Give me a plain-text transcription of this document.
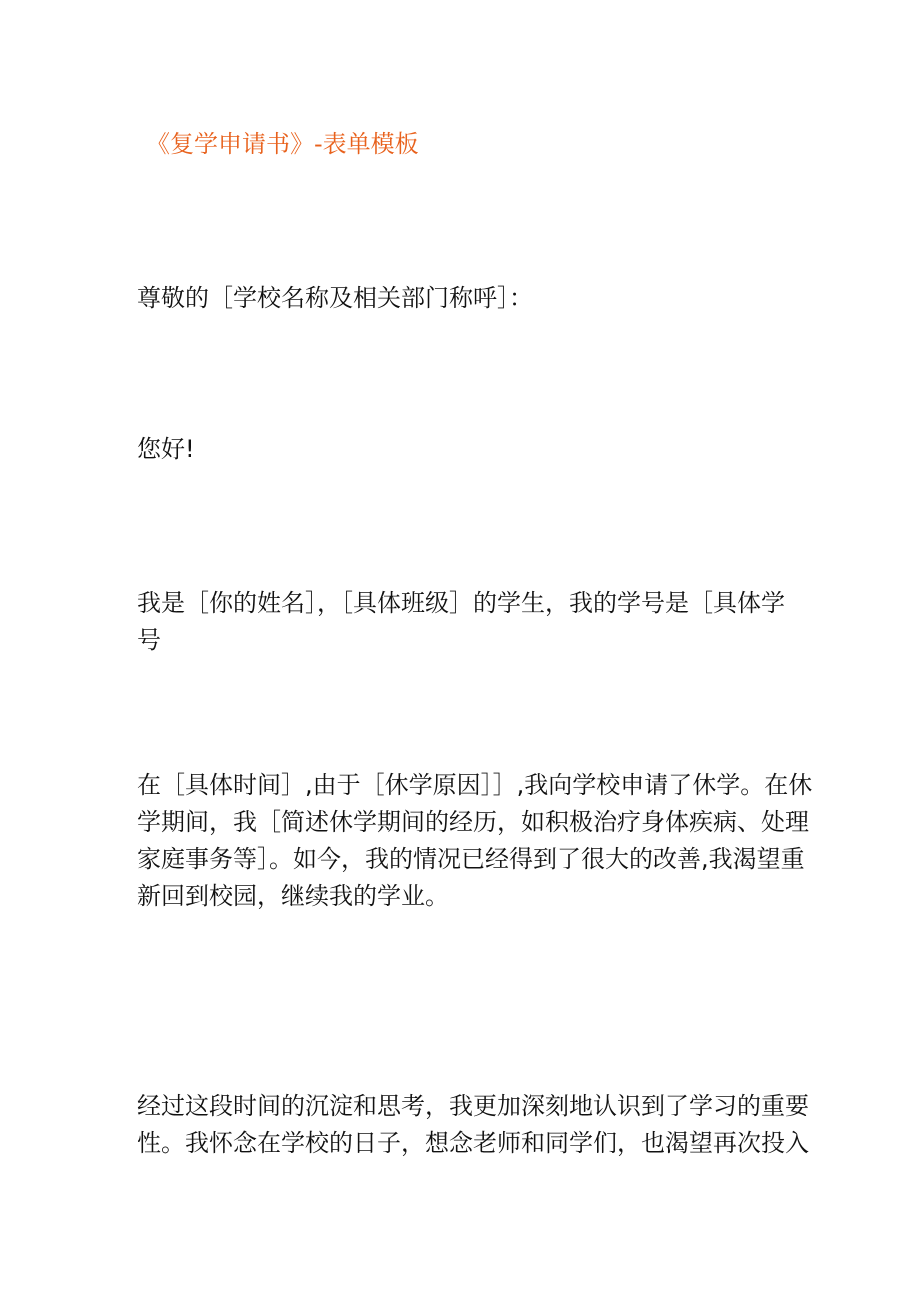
《复学申请书》-表单模板

尊敬的［学校名称及相关部门称呼］：

您好!

我是［你的姓名］，［具体班级］的学生，我的学号是［具体学
号

在［具体时间］,由于［休学原因］］,我向学校申请了休学。在休
学期间，我［简述休学期间的经历，如积极治疗身体疾病、处理
家庭事务等］。如今，我的情况已经得到了很大的改善,我渴望重
新回到校园，继续我的学业。

经过这段时间的沉淀和思考，我更加深刻地认识到了学习的重要
性。我怀念在学校的日子，想念老师和同学们，也渴望再次投入
